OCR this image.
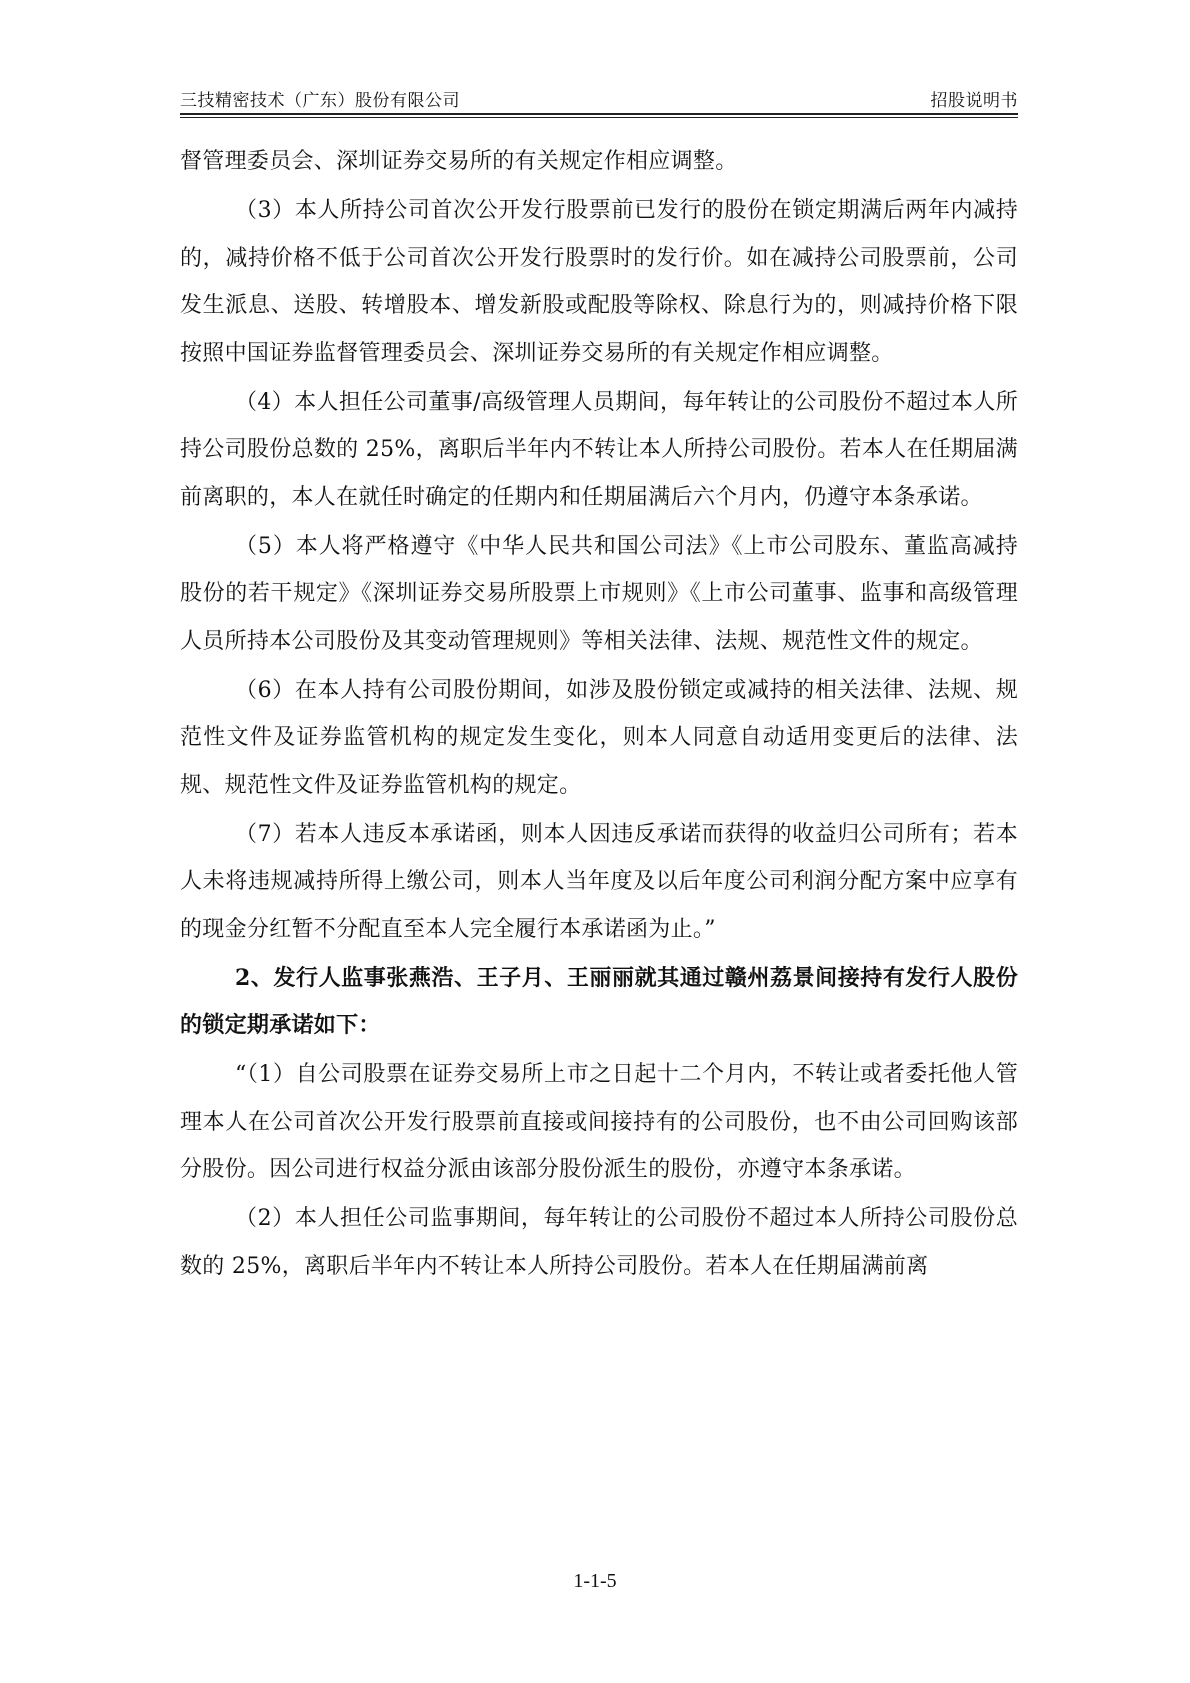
三技精密技术（广东）股份有限公司	招股说明书

督管理委员会、深圳证券交易所的有关规定作相应调整。

（3）本人所持公司首次公开发行股票前已发行的股份在锁定期满后两年内减持的，减持价格不低于公司首次公开发行股票时的发行价。如在减持公司股票前，公司发生派息、送股、转增股本、增发新股或配股等除权、除息行为的，则减持价格下限按照中国证券监督管理委员会、深圳证券交易所的有关规定作相应调整。

（4）本人担任公司董事/高级管理人员期间，每年转让的公司股份不超过本人所持公司股份总数的 25%，离职后半年内不转让本人所持公司股份。若本人在任期届满前离职的，本人在就任时确定的任期内和任期届满后六个月内，仍遵守本条承诺。

（5）本人将严格遵守《中华人民共和国公司法》《上市公司股东、董监高减持股份的若干规定》《深圳证券交易所股票上市规则》《上市公司董事、监事和高级管理人员所持本公司股份及其变动管理规则》等相关法律、法规、规范性文件的规定。

（6）在本人持有公司股份期间，如涉及股份锁定或减持的相关法律、法规、规范性文件及证券监管机构的规定发生变化，则本人同意自动适用变更后的法律、法规、规范性文件及证券监管机构的规定。

（7）若本人违反本承诺函，则本人因违反承诺而获得的收益归公司所有；若本人未将违规减持所得上缴公司，则本人当年度及以后年度公司利润分配方案中应享有的现金分红暂不分配直至本人完全履行本承诺函为止。”

2、发行人监事张燕浩、王子月、王丽丽就其通过赣州荔景间接持有发行人股份的锁定期承诺如下：

“（1）自公司股票在证券交易所上市之日起十二个月内，不转让或者委托他人管理本人在公司首次公开发行股票前直接或间接持有的公司股份，也不由公司回购该部分股份。因公司进行权益分派由该部分股份派生的股份，亦遵守本条承诺。

（2）本人担任公司监事期间，每年转让的公司股份不超过本人所持公司股份总数的 25%，离职后半年内不转让本人所持公司股份。若本人在任期届满前离

1-1-5
